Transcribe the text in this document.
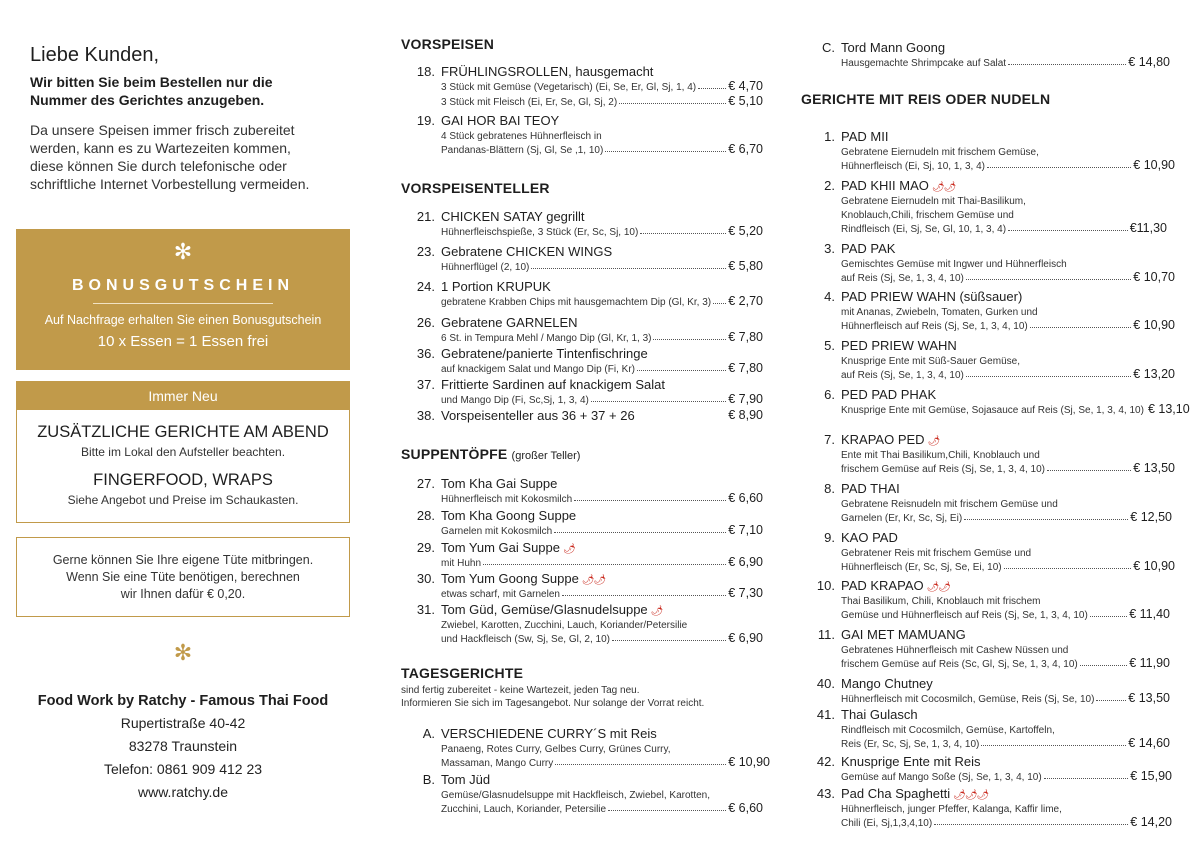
Liebe Kunden,
Wir bitten Sie beim Bestellen nur die
Nummer des Gerichtes anzugeben.
Da unsere Speisen immer frisch zubereitet
werden, kann es zu Wartezeiten kommen,
diese können Sie durch telefonische oder
schriftliche Internet Vorbestellung vermeiden.
✻
BONUSGUTSCHEIN
Auf Nachfrage erhalten Sie einen Bonusgutschein
10 x Essen = 1 Essen frei
Immer Neu
ZUSÄTZLICHE GERICHTE AM ABEND
Bitte im Lokal den Aufsteller beachten.
FINGERFOOD, WRAPS
Siehe Angebot und Preise im Schaukasten.
Gerne können Sie Ihre eigene Tüte mitbringen.
Wenn Sie eine Tüte benötigen, berechnen
wir Ihnen dafür € 0,20.
✻
Food Work by Ratchy - Famous Thai Food
Rupertistraße 40-42
83278 Traunstein
Telefon: 0861 909 412 23
www.ratchy.de
VORSPEISEN
VORSPEISENTELLER
SUPPENTÖPFE (großer Teller)
TAGESGERICHTE
sind fertig zubereitet - keine Wartezeit, jeden Tag neu.
Informieren Sie sich im Tagesangebot. Nur solange der Vorrat reicht.
GERICHTE MIT REIS ODER NUDELN
18. FRÜHLINGSROLLEN, hausgemacht
3 Stück mit Gemüse (Vegetarisch) (Ei, Se, Er, Gl, Sj, 1, 4)	€ 4,70
3 Stück mit Fleisch (Ei, Er, Se, Gl, Sj, 2)	€ 5,10
19. GAI HOR BAI TEOY
4 Stück gebratenes Hühnerfleisch in
Pandanas-Blättern (Sj, Gl, Se ,1, 10)	€ 6,70
21. CHICKEN SATAY gegrillt
Hühnerfleischspieße, 3 Stück (Er, Sc, Sj, 10)	€ 5,20
23. Gebratene CHICKEN WINGS
Hühnerflügel (2, 10)	€ 5,80
24. 1 Portion KRUPUK
gebratene Krabben Chips mit hausgemachtem Dip (Gl, Kr, 3) € 2,70
26. Gebratene GARNELEN
6 St. in Tempura Mehl / Mango Dip (Gl, Kr, 1, 3)	€ 7,80
36. Gebratene/panierte Tintenfischringe
auf knackigem Salat und Mango Dip (Fi, Kr)	€ 7,80
37. Frittierte Sardinen auf knackigem Salat
und Mango Dip (Fi, Sc,Sj, 1, 3, 4)	€ 7,90
38. Vorspeisenteller aus 36 + 37 + 26	€ 8,90
27. Tom Kha Gai Suppe
Hühnerfleisch mit Kokosmilch	€ 6,60
28. Tom Kha Goong Suppe
Garnelen mit Kokosmilch	€ 7,10
29. Tom Yum Gai Suppe 🌶
mit Huhn	€ 6,90
30. Tom Yum Goong Suppe 🌶🌶
etwas scharf, mit Garnelen	€ 7,30
31. Tom Güd, Gemüse/Glasnudelsuppe 🌶
Zwiebel, Karotten, Zucchini, Lauch, Koriander/Petersilie
und Hackfleisch (Sw, Sj, Se, Gl, 2, 10)	€ 6,90
A. VERSCHIEDENE CURRY´S mit Reis
Panaeng, Rotes Curry, Gelbes Curry, Grünes Curry,
Massaman, Mango Curry	€ 10,90
B. Tom Jüd
Gemüse/Glasnudelsuppe mit Hackfleisch, Zwiebel, Karotten,
Zucchini, Lauch, Koriander, Petersilie	€ 6,60
C. Tord Mann Goong
Hausgemachte Shrimpcake auf Salat	€ 14,80
1. PAD MII
Gebratene Eiernudeln mit frischem Gemüse,
Hühnerfleisch (Ei, Sj, 10, 1, 3, 4)	€ 10,90
2. PAD KHII MAO 🌶🌶
Gebratene Eiernudeln mit Thai-Basilikum,
Knoblauch,Chili, frischem Gemüse und
Rindfleisch (Ei, Sj, Se, Gl, 10, 1, 3, 4)	€11,30
3. PAD PAK
Gemischtes Gemüse mit Ingwer und Hühnerfleisch
auf Reis (Sj, Se, 1, 3, 4, 10)	€ 10,70
4. PAD PRIEW WAHN (süßsauer)
mit Ananas, Zwiebeln, Tomaten, Gurken und
Hühnerfleisch auf Reis (Sj, Se, 1, 3, 4, 10)	€ 10,90
5. PED PRIEW WAHN
Knusprige Ente mit Süß-Sauer Gemüse,
auf Reis (Sj, Se, 1, 3, 4, 10)	€ 13,20
6. PED PAD PHAK
Knusprige Ente mit Gemüse, Sojasauce auf Reis (Sj, Se, 1, 3, 4, 10) € 13,10
7. KRAPAO PED 🌶
Ente mit Thai Basilikum,Chili, Knoblauch und
frischem Gemüse auf Reis (Sj, Se, 1, 3, 4, 10)	€ 13,50
8. PAD THAI
Gebratene Reisnudeln mit frischem Gemüse und
Garnelen (Er, Kr, Sc, Sj, Ei)	€ 12,50
9. KAO PAD
Gebratener Reis mit frischem Gemüse und
Hühnerfleisch (Er, Sc, Sj, Se, Ei, 10)	€ 10,90
10. PAD KRAPAO 🌶🌶
Thai Basilikum, Chili, Knoblauch mit frischem
Gemüse und Hühnerfleisch auf Reis (Sj, Se, 1, 3, 4, 10)	€ 11,40
11. GAI MET MAMUANG
Gebratenes Hühnerfleisch mit Cashew Nüssen und
frischem Gemüse auf Reis (Sc, Gl, Sj, Se, 1, 3, 4, 10)	€ 11,90
40. Mango Chutney
Hühnerfleisch mit Cocosmilch, Gemüse, Reis (Sj, Se, 10)	€ 13,50
41. Thai Gulasch
Rindfleisch mit Cocosmilch, Gemüse, Kartoffeln,
Reis (Er, Sc, Sj, Se, 1, 3, 4, 10)	€ 14,60
42. Knusprige Ente mit Reis
Gemüse auf Mango Soße (Sj, Se, 1, 3, 4, 10)	€ 15,90
43. Pad Cha Spaghetti 🌶🌶🌶
Hühnerfleisch, junger Pfeffer, Kalanga, Kaffir lime,
Chili (Ei, Sj,1,3,4,10)	€ 14,20
